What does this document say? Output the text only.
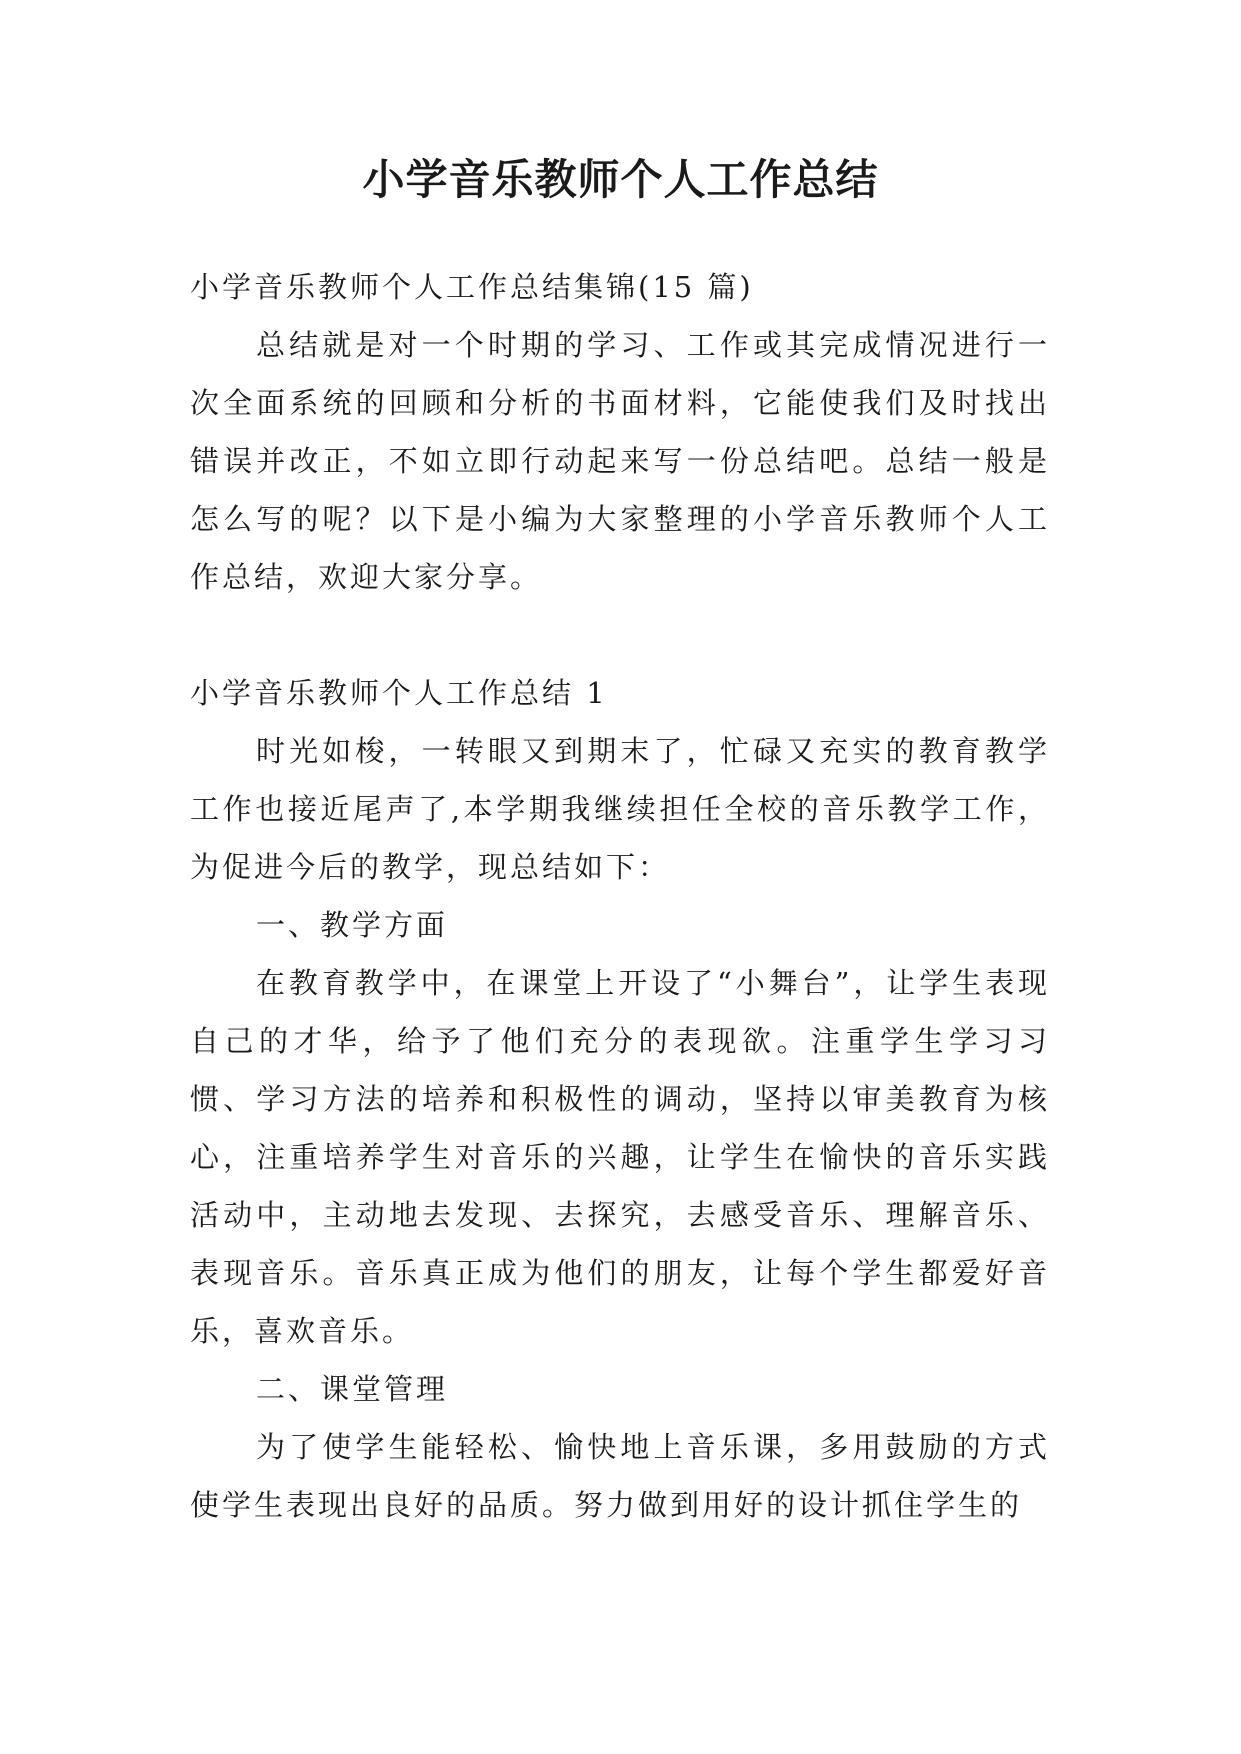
小学音乐教师个人工作总结

小学音乐教师个人工作总结集锦(15 篇)

总结就是对一个时期的学习、工作或其完成情况进行一次全面系统的回顾和分析的书面材料，它能使我们及时找出错误并改正，不如立即行动起来写一份总结吧。总结一般是怎么写的呢？以下是小编为大家整理的小学音乐教师个人工作总结，欢迎大家分享。

小学音乐教师个人工作总结 1

时光如梭，一转眼又到期末了，忙碌又充实的教育教学工作也接近尾声了,本学期我继续担任全校的音乐教学工作，为促进今后的教学，现总结如下：

一、教学方面

在教育教学中，在课堂上开设了“小舞台”，让学生表现自己的才华，给予了他们充分的表现欲。注重学生学习习惯、学习方法的培养和积极性的调动，坚持以审美教育为核心，注重培养学生对音乐的兴趣，让学生在愉快的音乐实践活动中，主动地去发现、去探究，去感受音乐、理解音乐、表现音乐。音乐真正成为他们的朋友，让每个学生都爱好音乐，喜欢音乐。

二、课堂管理

为了使学生能轻松、愉快地上音乐课，多用鼓励的方式使学生表现出良好的品质。努力做到用好的设计抓住学生的
